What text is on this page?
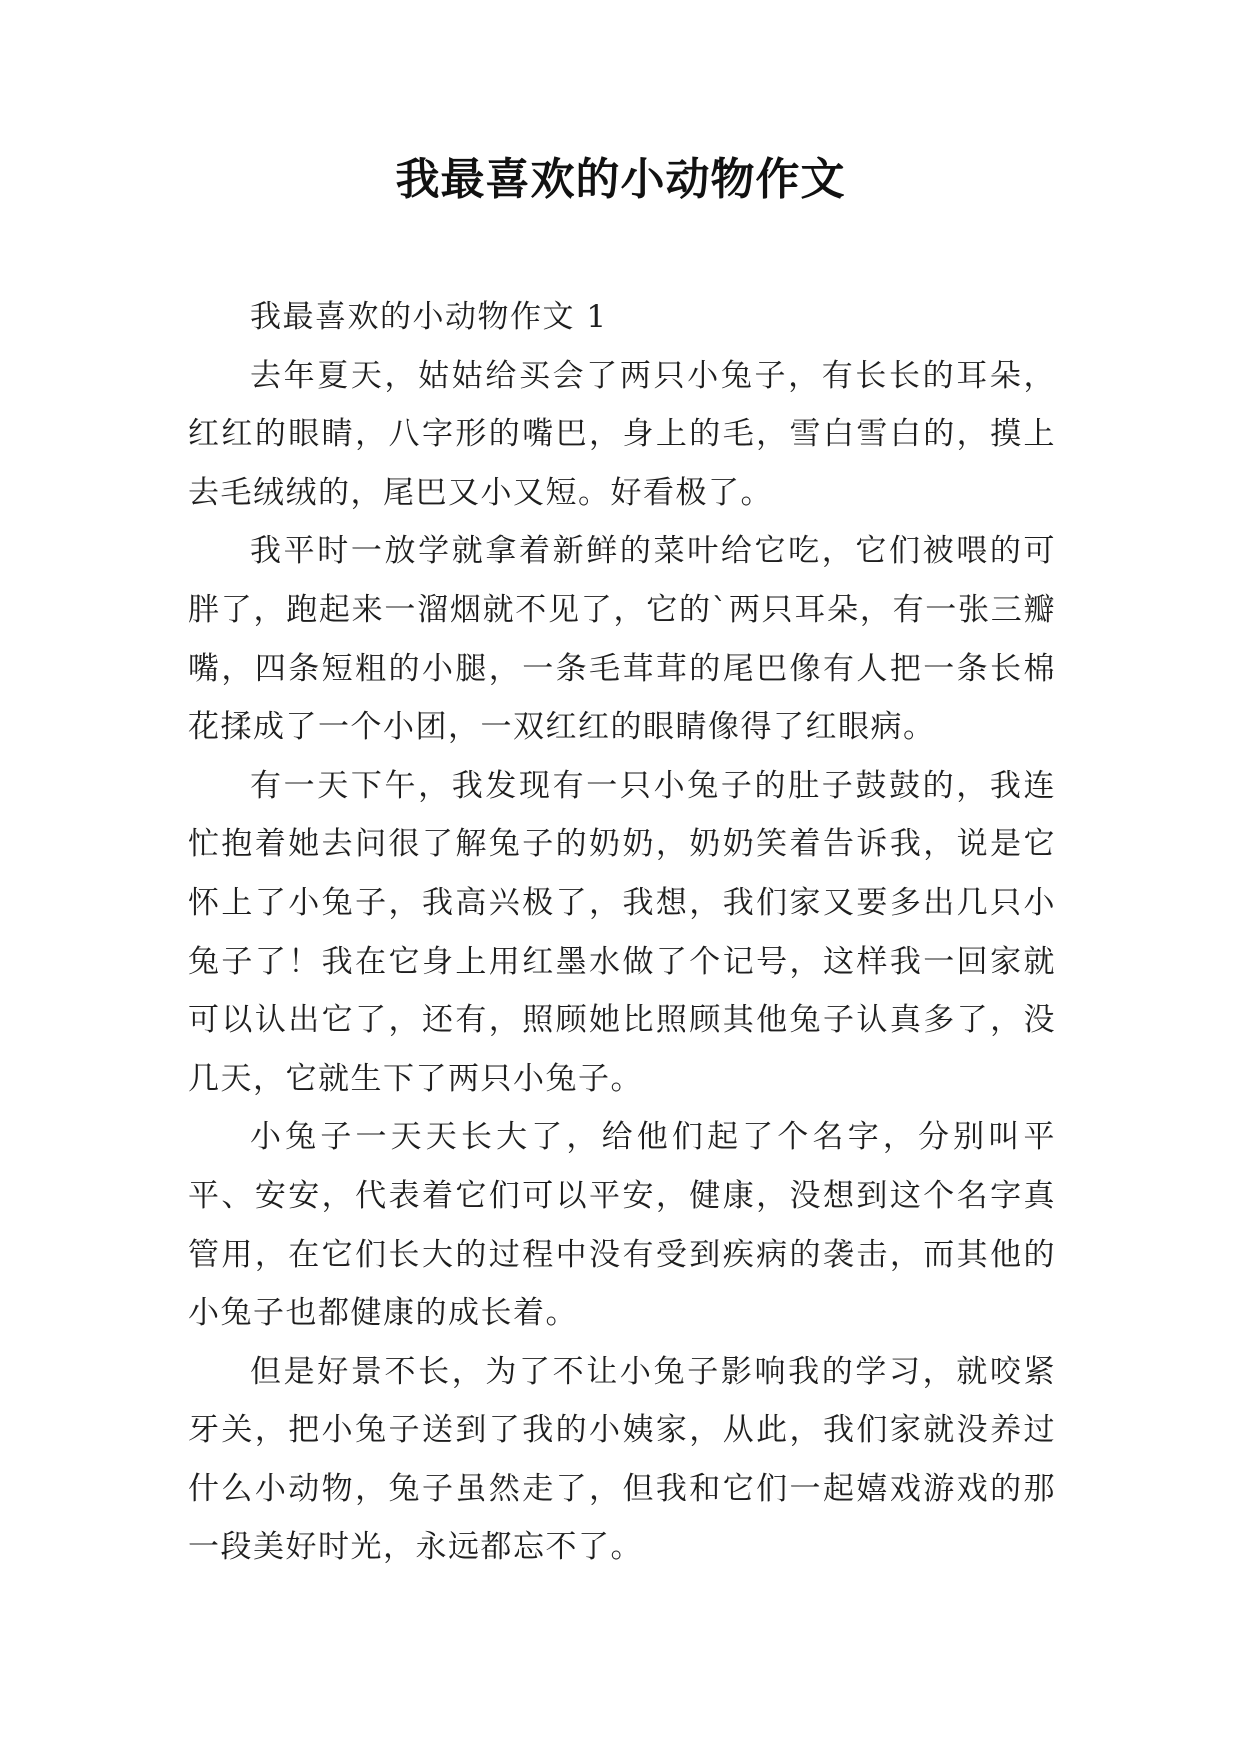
我最喜欢的小动物作文

我最喜欢的小动物作文 1

去年夏天，姑姑给买会了两只小兔子，有长长的耳朵，红红的眼睛，八字形的嘴巴，身上的毛，雪白雪白的，摸上去毛绒绒的，尾巴又小又短。好看极了。

我平时一放学就拿着新鲜的菜叶给它吃，它们被喂的可胖了，跑起来一溜烟就不见了，它的`两只耳朵，有一张三瓣嘴，四条短粗的小腿，一条毛茸茸的尾巴像有人把一条长棉花揉成了一个小团，一双红红的眼睛像得了红眼病。

有一天下午，我发现有一只小兔子的肚子鼓鼓的，我连忙抱着她去问很了解兔子的奶奶，奶奶笑着告诉我，说是它怀上了小兔子，我高兴极了，我想，我们家又要多出几只小兔子了！我在它身上用红墨水做了个记号，这样我一回家就可以认出它了，还有，照顾她比照顾其他兔子认真多了，没几天，它就生下了两只小兔子。

小兔子一天天长大了，给他们起了个名字，分别叫平平、安安，代表着它们可以平安，健康，没想到这个名字真管用，在它们长大的过程中没有受到疾病的袭击，而其他的小兔子也都健康的成长着。

但是好景不长，为了不让小兔子影响我的学习，就咬紧牙关，把小兔子送到了我的小姨家，从此，我们家就没养过什么小动物，兔子虽然走了，但我和它们一起嬉戏游戏的那一段美好时光，永远都忘不了。
